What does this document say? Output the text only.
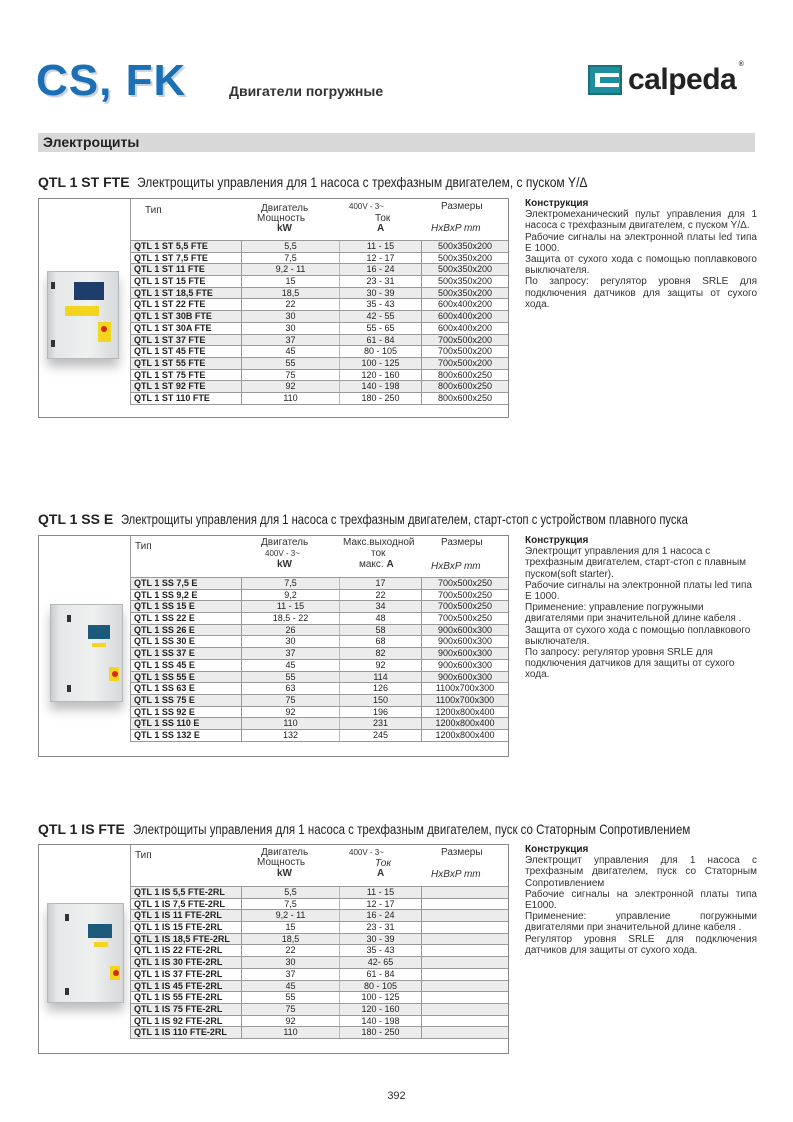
CS, FK	Двигатели погружные	calpeda ®
Электрощиты
QTL 1 ST FTE Электрощиты управления для 1 насоса с трехфазным двигателем, с пуском Y/Δ
Тип	Двигатель	400V - 3~
Мощность
kW
Ток
A
Размеры
HxBxP mm
QTL 1 ST 5,5 FTE	5,5	11 - 15	500x350x200
QTL 1 ST 7,5 FTE	7,5	12 - 17	500x350x200
QTL 1 ST 11 FTE	9,2 - 11	16 - 24	500x350x200
QTL 1 ST 15 FTE	15	23 - 31	500x350x200
QTL 1 ST 18,5 FTE	18,5	30 - 39	500x350x200
QTL 1 ST 22 FTE	22	35 - 43	600x400x200
QTL 1 ST 30B FTE	30	42 - 55	600x400x200
QTL 1 ST 30A FTE	30	55 - 65	600x400x200
QTL 1 ST 37 FTE	37	61 - 84	700x500x200
QTL 1 ST 45 FTE	45	80 - 105	700x500x200
QTL 1 ST 55 FTE	55	100 - 125	700x500x200
QTL 1 ST 75 FTE	75	120 - 160	800x600x250
QTL 1 ST 92 FTE	92	140 - 198	800x600x250
QTL 1 ST 110 FTE	110	180 - 250	800x600x250
Конструкция

Электромеханический пульт управления для 1 насоса с трехфазным двигателем, с пуском Y/Δ.

Рабочие сигналы на электронной платы led типа E 1000.

Защита от сухого хода с помощью поплавкового выключателя.

По запросу: регулятор уровня SRLE для подключения датчиков для защиты от сухого хода.

QTL 1 SS E Электрощиты управления для 1 насоса с трехфазным двигателем, старт-стоп с устройством плавного пуска
Тип	Двигатель
400V - 3~
kW
Макс.выходной
ток
макс. A
Размеры
HxBxP mm
QTL 1 SS 7,5 E	7,5	17	700x500x250
QTL 1 SS 9,2 E	9,2	22	700x500x250
QTL 1 SS 15 E	11 - 15	34	700x500x250
QTL 1 SS 22 E	18,5 - 22	48	700x500x250
QTL 1 SS 26 E	26	58	900x600x300
QTL 1 SS 30 E	30	68	900x600x300
QTL 1 SS 37 E	37	82	900x600x300
QTL 1 SS 45 E	45	92	900x600x300
QTL 1 SS 55 E	55	114	900x600x300
QTL 1 SS 63 E	63	126	1100x700x300
QTL 1 SS 75 E	75	150	1100x700x300
QTL 1 SS 92 E	92	196	1200x800x400
QTL 1 SS 110 E	110	231	1200x800x400
QTL 1 SS 132 E	132	245	1200x800x400
Конструкция

Электрощит управления для 1 насоса с трехфазным двигателем, старт-стоп с плавным пуском(soft starter).

Рабочие сигналы на электронной платы led типа E 1000.

Применение: управление погружными двигателями при значительной длине кабеля .

Защита от сухого хода с помощью поплавкового выключателя.

По запросу: регулятор уровня SRLE для подключения датчиков для защиты от сухого хода.

QTL 1 IS FTE Электрощиты управления для 1 насоса с трехфазным двигателем, пуск со Статорным Сопротивлением
Тип	Двигатель	400V - 3~
Мощность
kW
Ток
A
Размеры
HxBxP mm
QTL 1 IS 5,5 FTE-2RL	5,5	11 - 15
QTL 1 IS 7,5 FTE-2RL	7,5	12 - 17
QTL 1 IS 11 FTE-2RL	9,2 - 11	16 - 24
QTL 1 IS 15 FTE-2RL	15	23 - 31
QTL 1 IS 18,5 FTE-2RL	18,5	30 - 39
QTL 1 IS 22 FTE-2RL	22	35 - 43
QTL 1 IS 30 FTE-2RL	30	42- 65
QTL 1 IS 37 FTE-2RL	37	61 - 84
QTL 1 IS 45 FTE-2RL	45	80 - 105
QTL 1 IS 55 FTE-2RL	55	100 - 125
QTL 1 IS 75 FTE-2RL	75	120 - 160
QTL 1 IS 92 FTE-2RL	92	140 - 198
QTL 1 IS 110 FTE-2RL	110	180 - 250
Конструкция

Электрощит управления для 1 насоса с трехфазным двигателем, пуск со Статорным Сопротивлением

Рабочие сигналы на электронной платы типа E1000.

Применение: управление погружными двигателями при значительной длине кабеля .

Регулятор уровня SRLE для подключения датчиков для защиты от сухого хода.

392
